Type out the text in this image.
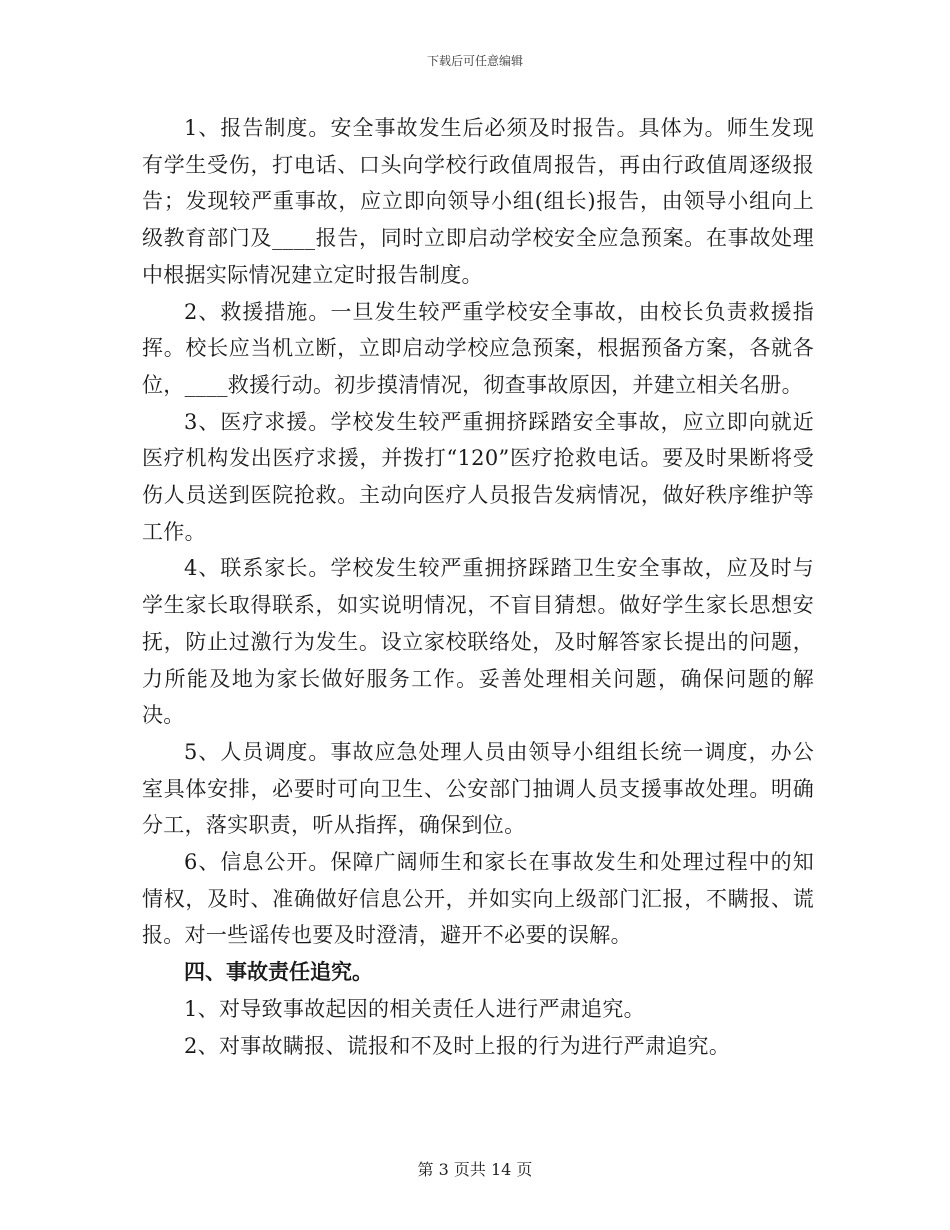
下载后可任意编辑

1、报告制度。安全事故发生后必须及时报告。具体为。师生发现有学生受伤，打电话、口头向学校行政值周报告，再由行政值周逐级报告；发现较严重事故，应立即向领导小组(组长)报告，由领导小组向上级教育部门及____报告，同时立即启动学校安全应急预案。在事故处理中根据实际情况建立定时报告制度。

2、救援措施。一旦发生较严重学校安全事故，由校长负责救援指挥。校长应当机立断，立即启动学校应急预案，根据预备方案，各就各位，____救援行动。初步摸清情况，彻查事故原因，并建立相关名册。

3、医疗求援。学校发生较严重拥挤踩踏安全事故，应立即向就近医疗机构发出医疗求援，并拨打“120”医疗抢救电话。要及时果断将受伤人员送到医院抢救。主动向医疗人员报告发病情况，做好秩序维护等工作。

4、联系家长。学校发生较严重拥挤踩踏卫生安全事故，应及时与学生家长取得联系，如实说明情况，不盲目猜想。做好学生家长思想安抚，防止过激行为发生。设立家校联络处，及时解答家长提出的问题，力所能及地为家长做好服务工作。妥善处理相关问题，确保问题的解决。

5、人员调度。事故应急处理人员由领导小组组长统一调度，办公室具体安排，必要时可向卫生、公安部门抽调人员支援事故处理。明确分工，落实职责，听从指挥，确保到位。

6、信息公开。保障广阔师生和家长在事故发生和处理过程中的知情权，及时、准确做好信息公开，并如实向上级部门汇报，不瞒报、谎报。对一些谣传也要及时澄清，避开不必要的误解。

四、事故责任追究。

1、对导致事故起因的相关责任人进行严肃追究。

2、对事故瞒报、谎报和不及时上报的行为进行严肃追究。

第 3 页共 14 页
